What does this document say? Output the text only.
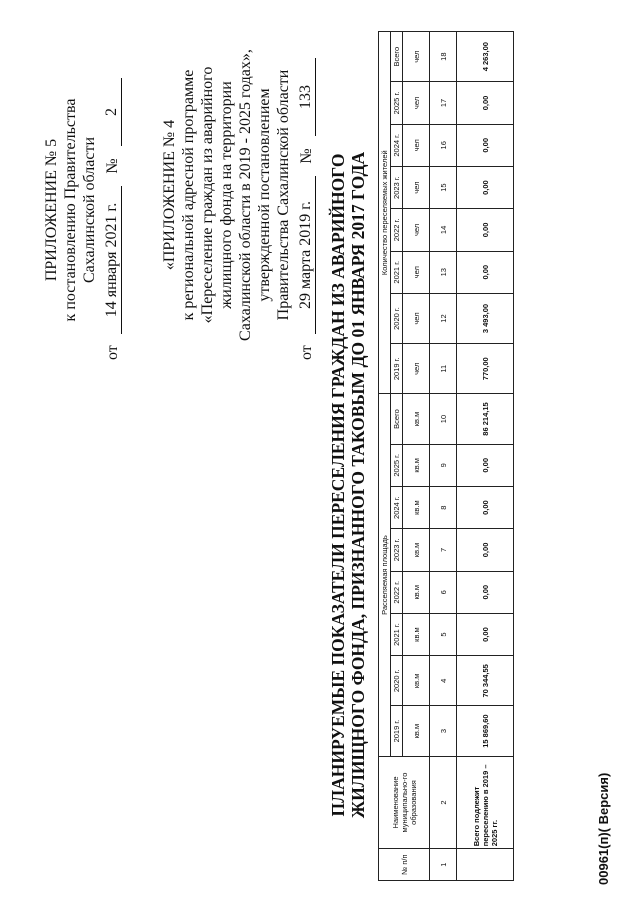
ПРИЛОЖЕНИЕ № 5 к постановлению Правительства Сахалинской области
от
14 января 2021 г.
№
2
«ПРИЛОЖЕНИЕ № 4 к региональной адресной программе «Переселение граждан из аварийного жилищного фонда на территории Сахалинской области в 2019 - 2025 годах», утвержденной постановлением Правительства Сахалинской области
от
29 марта 2019 г.
№
133
ПЛАНИРУЕМЫЕ ПОКАЗАТЕЛИ ПЕРЕСЕЛЕНИЯ ГРАЖДАН ИЗ АВАРИЙНОГО ЖИЛИЩНОГО ФОНДА, ПРИЗНАННОГО ТАКОВЫМ ДО 01 ЯНВАРЯ 2017 ГОДА
№ п/п	Наименование муниципально-го образования	Расселяемая площадь								Количество переселяемых жителей							
		2019 г.	2020 г.	2021 г.	2022 г.	2023 г.	2024 г.	2025 г.	Всего	2019 г.	2020 г.	2021 г.	2022 г.	2023 г.	2024 г.	2025 г.	Всего
		кв.м	кв.м	кв.м	кв.м	кв.м	кв.м	кв.м	кв.м	чел	чел	чел	чел	чел	чел	чел	чел
1	2	3	4	5	6	7	8	9	10	11	12	13	14	15	16	17	18
	Всего подлежит переселению в 2019 – 2025 гг.	15 869,60	70 344,55	0,00	0,00	0,00	0,00	0,00	86 214,15	770,00	3 493,00	0,00	0,00	0,00	0,00	0,00	4 263,00
00961(п)( Версия)
